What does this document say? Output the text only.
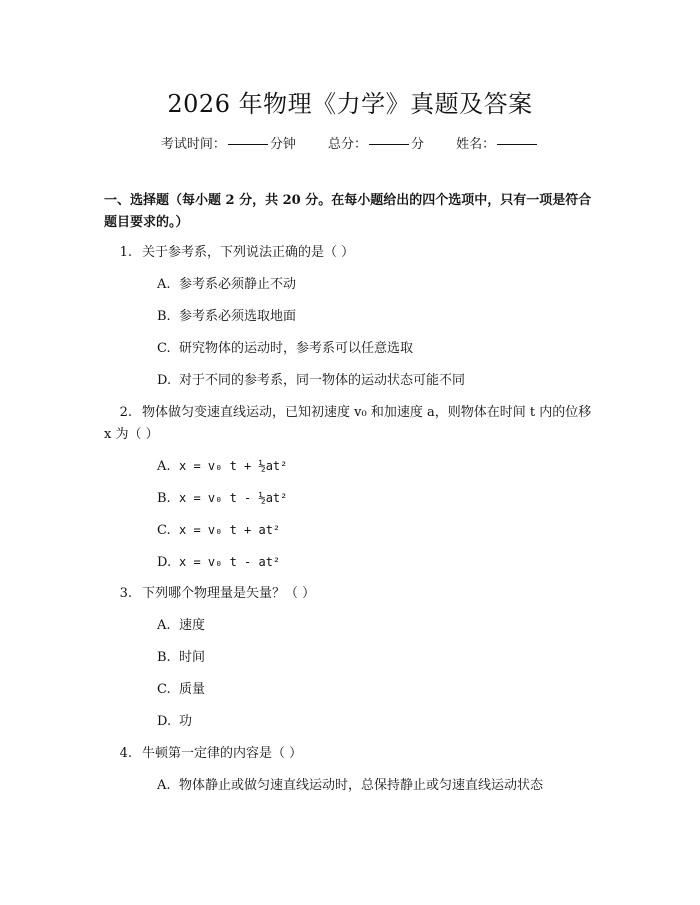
2026 年物理《力学》真题及答案
考试时间：	分钟 总分：	分 姓名：
一、选择题（每小题 2 分，共 20 分。在每小题给出的四个选项中，只有一项是符合题目要求的。）
1. 关于参考系，下列说法正确的是（ ）
A. 参考系必须静止不动
B. 参考系必须选取地面
C. 研究物体的运动时，参考系可以任意选取
D. 对于不同的参考系，同一物体的运动状态可能不同
2. 物体做匀变速直线运动，已知初速度 v₀ 和加速度 a，则物体在时间 t 内的位移 x 为（ ）
A. x = v₀ t + ½at²
B. x = v₀ t - ½at²
C. x = v₀ t + at²
D. x = v₀ t - at²
3. 下列哪个物理量是矢量？（ ）
A. 速度
B. 时间
C. 质量
D. 功
4. 牛顿第一定律的内容是（ ）
A. 物体静止或做匀速直线运动时，总保持静止或匀速直线运动状态
